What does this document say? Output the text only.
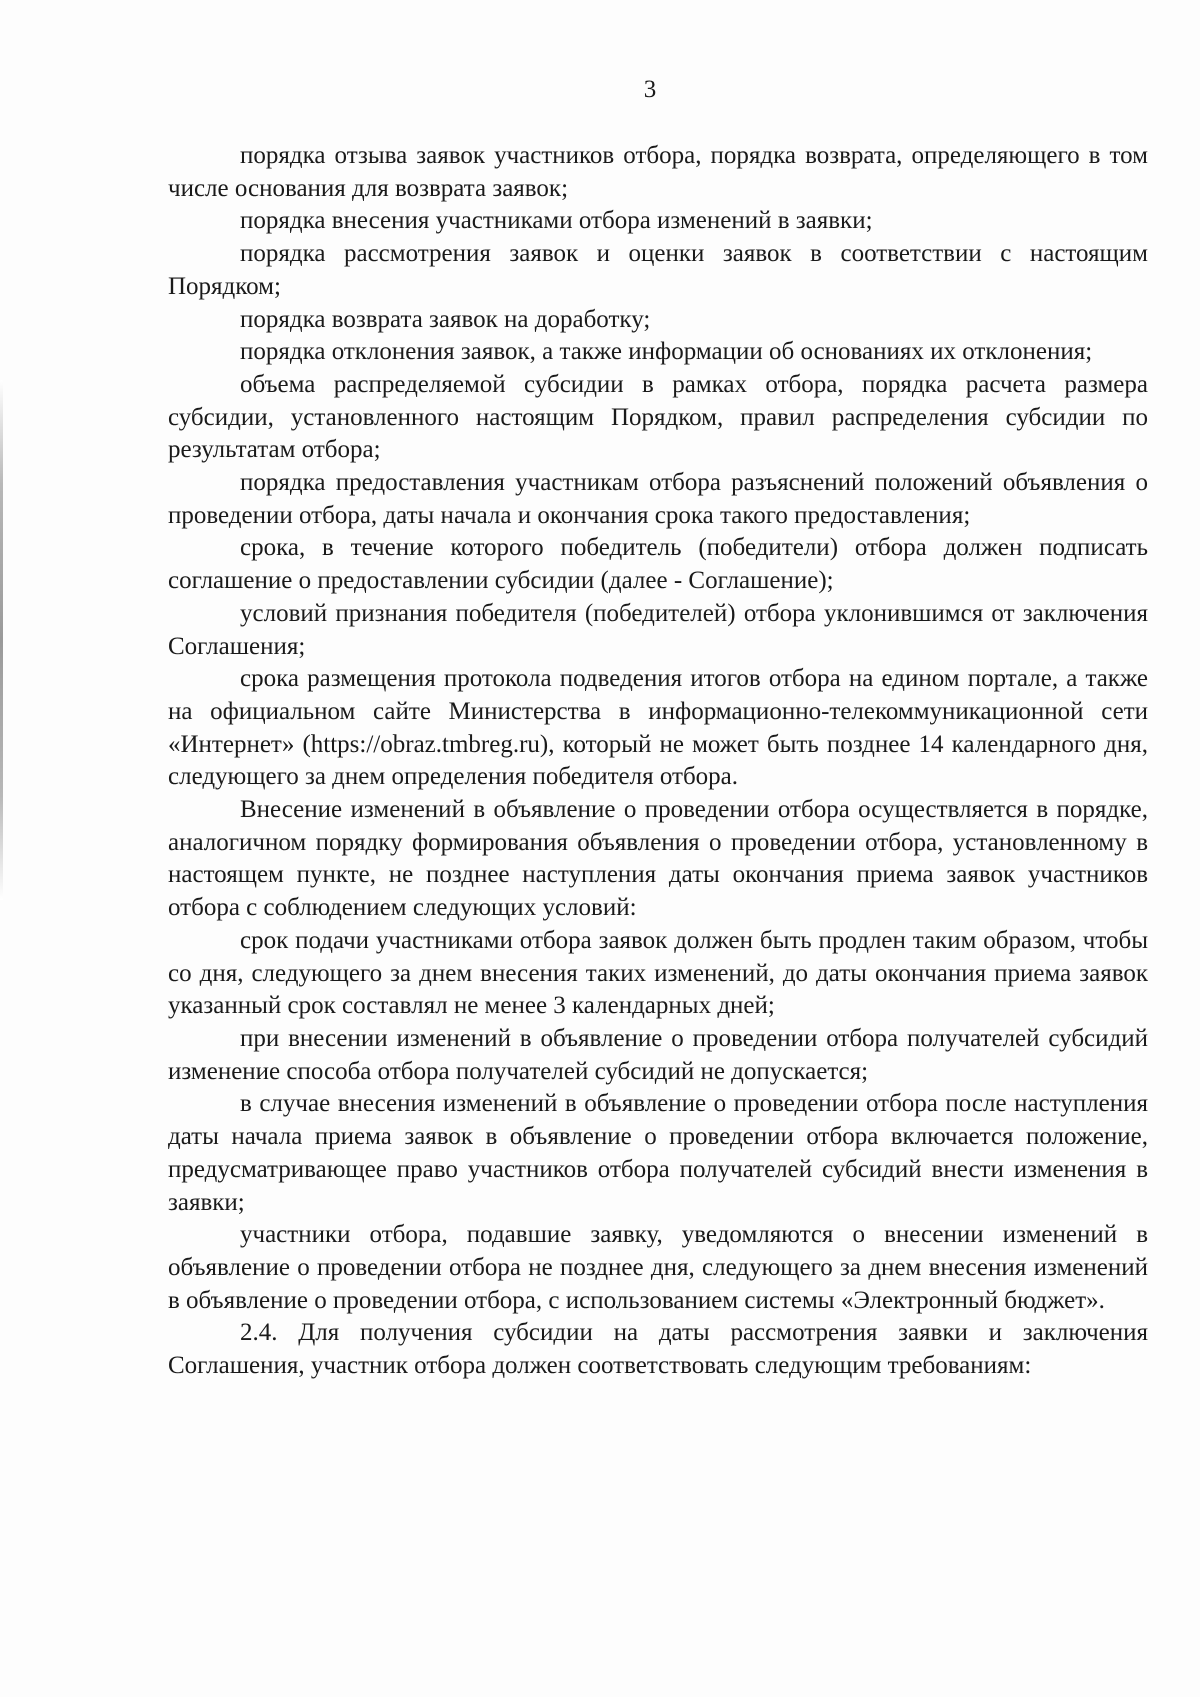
3

порядка отзыва заявок участников отбора, порядка возврата, определяющего в том числе основания для возврата заявок;

порядка внесения участниками отбора изменений в заявки;

порядка рассмотрения заявок и оценки заявок в соответствии с настоящим Порядком;

порядка возврата заявок на доработку;

порядка отклонения заявок, а также информации об основаниях их отклонения;

объема распределяемой субсидии в рамках отбора, порядка расчета размера субсидии, установленного настоящим Порядком, правил распределения субсидии по результатам отбора;

порядка предоставления участникам отбора разъяснений положений объявления о проведении отбора, даты начала и окончания срока такого предоставления;

срока, в течение которого победитель (победители) отбора должен подписать соглашение о предоставлении субсидии (далее - Соглашение);

условий признания победителя (победителей) отбора уклонившимся от заключения Соглашения;

срока размещения протокола подведения итогов отбора на едином портале, а также на официальном сайте Министерства в информационно-телекоммуникационной сети «Интернет» (https://obraz.tmbreg.ru), который не может быть позднее 14 календарного дня, следующего за днем определения победителя отбора.

Внесение изменений в объявление о проведении отбора осуществляется в порядке, аналогичном порядку формирования объявления о проведении отбора, установленному в настоящем пункте, не позднее наступления даты окончания приема заявок участников отбора с соблюдением следующих условий:

срок подачи участниками отбора заявок должен быть продлен таким образом, чтобы со дня, следующего за днем внесения таких изменений, до даты окончания приема заявок указанный срок составлял не менее 3 календарных дней;

при внесении изменений в объявление о проведении отбора получателей субсидий изменение способа отбора получателей субсидий не допускается;

в случае внесения изменений в объявление о проведении отбора после наступления даты начала приема заявок в объявление о проведении отбора включается положение, предусматривающее право участников отбора получателей субсидий внести изменения в заявки;

участники отбора, подавшие заявку, уведомляются о внесении изменений в объявление о проведении отбора не позднее дня, следующего за днем внесения изменений в объявление о проведении отбора, с использованием системы «Электронный бюджет».

2.4. Для получения субсидии на даты рассмотрения заявки и заключения Соглашения, участник отбора должен соответствовать следующим требованиям:
